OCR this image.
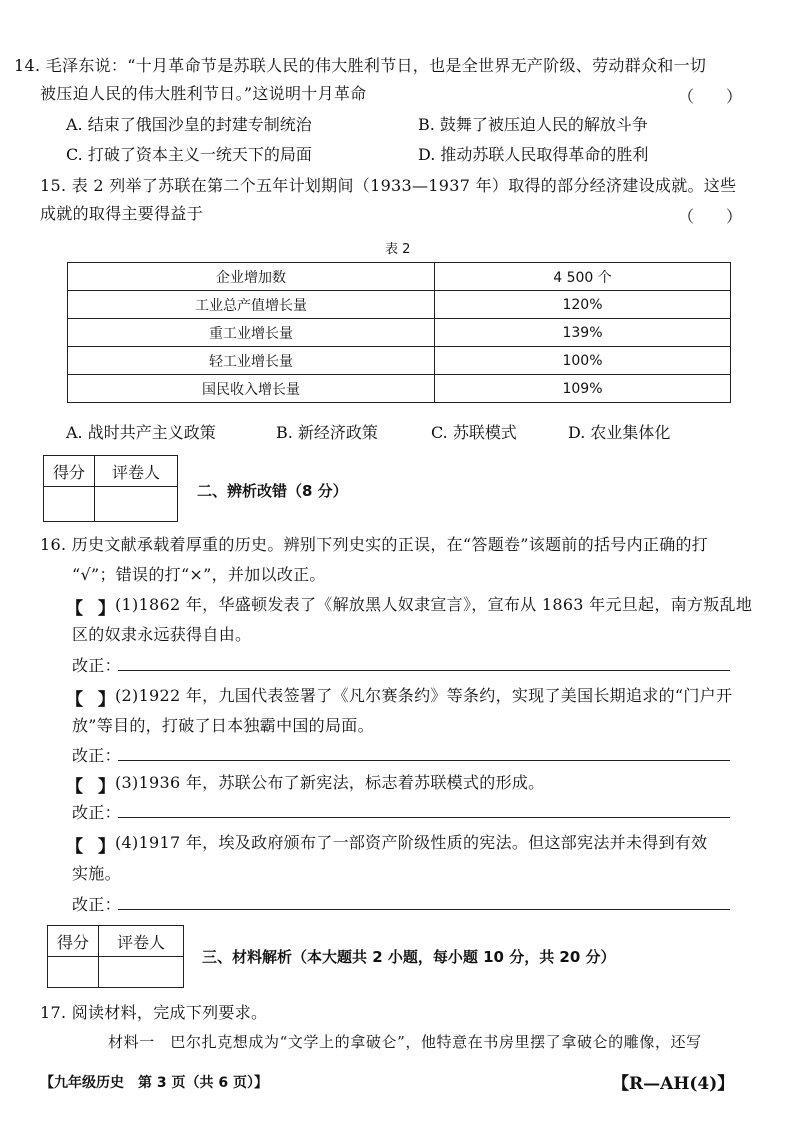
14. 毛泽东说：“十月革命节是苏联人民的伟大胜利节日，也是全世界无产阶级、劳动群众和一切
被压迫人民的伟大胜利节日。”这说明十月革命	（　　）
A. 结束了俄国沙皇的封建专制统治	B. 鼓舞了被压迫人民的解放斗争
C. 打破了资本主义一统天下的局面	D. 推动苏联人民取得革命的胜利
15. 表 2 列举了苏联在第二个五年计划期间（1933—1937 年）取得的部分经济建设成就。这些
成就的取得主要得益于	（　　）
表 2
企业增加数	4 500 个
工业总产值增长量	120%
重工业增长量	139%
轻工业增长量	100%
国民收入增长量	109%
A. 战时共产主义政策	B. 新经济政策	C. 苏联模式	D. 农业集体化
得分	评卷人

二、辨析改错（8 分）
16. 历史文献承载着厚重的历史。辨别下列史实的正误，在“答题卷”该题前的括号内正确的打
“√”；错误的打“×”，并加以改正。
【 】 (1)1862 年，华盛顿发表了《解放黑人奴隶宣言》，宣布从 1863 年元旦起，南方叛乱地
区的奴隶永远获得自由。
改正：
【 】 (2)1922 年，九国代表签署了《凡尔赛条约》等条约，实现了美国长期追求的“门户开
放”等目的，打破了日本独霸中国的局面。
改正：
【 】 (3)1936 年，苏联公布了新宪法，标志着苏联模式的形成。
改正：
【 】 (4)1917 年，埃及政府颁布了一部资产阶级性质的宪法。但这部宪法并未得到有效
实施。
改正：
得分	评卷人

三、材料解析（本大题共 2 小题，每小题 10 分，共 20 分）
17. 阅读材料，完成下列要求。
材料一　巴尔扎克想成为“文学上的拿破仑”，他特意在书房里摆了拿破仑的雕像，还写
【九年级历史　第 3 页（共 6 页）】	【R—AH(4)】
